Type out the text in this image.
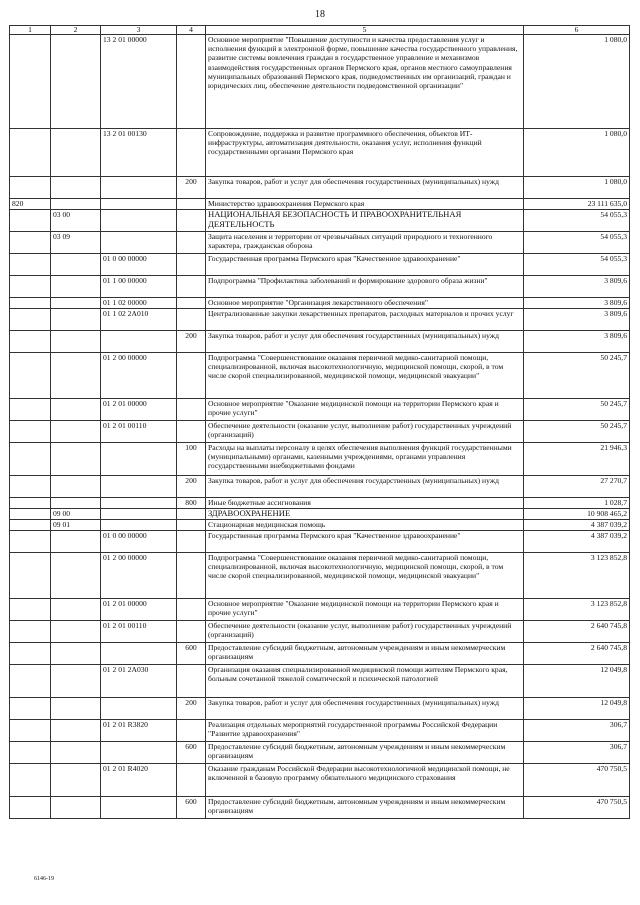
18
1	2	3	4	5	6
		13 2 01 00000		Основное мероприятие "Повышение доступности и качества предоставления услуг и исполнения функций в электронной форме, повышение качества государственного управления, развитие системы вовлечения граждан в государственное управление и механизмов взаимодействия государственных органов Пермского края, органов местного самоуправления муниципальных образований Пермского края, подведомственных им организаций, граждан и юридических лиц, обеспечение деятельности подведомственной организации"	1 080,0
		13 2 01 00130		Сопровождение, поддержка и развитие программного обеспечения, объектов ИТ-инфраструктуры, автоматизация деятельности, оказания услуг, исполнения функций государственными органами Пермского края	1 080,0
			200	Закупка товаров, работ и услуг для обеспечения государственных (муниципальных) нужд	1 080,0
820				Министерство здравоохранения Пермского края	23 111 635,0
	03 00			НАЦИОНАЛЬНАЯ БЕЗОПАСНОСТЬ И ПРАВООХРАНИТЕЛЬНАЯ ДЕЯТЕЛЬНОСТЬ	54 055,3
	03 09			Защита населения и территории от чрезвычайных ситуаций природного и техногенного характера, гражданская оборона	54 055,3
		01 0 00 00000		Государственная программа Пермского края "Качественное здравоохранение"	54 055,3
		01 1 00 00000		Подпрограмма "Профилактика заболеваний и формирование здорового образа жизни"	3 809,6
		01 1 02 00000		Основное мероприятие "Организация лекарственного обеспечения"	3 809,6
		01 1 02 2А010		Централизованные закупки лекарственных препаратов, расходных материалов и прочих услуг	3 809,6
			200	Закупка товаров, работ и услуг для обеспечения государственных (муниципальных) нужд	3 809,6
		01 2 00 00000		Подпрограмма "Совершенствование оказания первичной медико-санитарной помощи, специализированной, включая высокотехнологичную, медицинской помощи, скорой, в том числе скорой специализированной, медицинской помощи, медицинской эвакуации"	50 245,7
		01 2 01 00000		Основное мероприятие "Оказание медицинской помощи на территории Пермского края и прочие услуги"	50 245,7
		01 2 01 00110		Обеспечение деятельности (оказание услуг, выполнение работ) государственных учреждений (организаций)	50 245,7
			100	Расходы на выплаты персоналу в целях обеспечения выполнения функций государственными (муниципальными) органами, казенными учреждениями, органами управления государственными внебюджетными фондами	21 946,3
			200	Закупка товаров, работ и услуг для обеспечения государственных (муниципальных) нужд	27 270,7
			800	Иные бюджетные ассигнования	1 028,7
	09 00			ЗДРАВООХРАНЕНИЕ	10 908 465,2
	09 01			Стационарная медицинская помощь	4 387 039,2
		01 0 00 00000		Государственная программа Пермского края "Качественное здравоохранение"	4 387 039,2
		01 2 00 00000		Подпрограмма "Совершенствование оказания первичной медико-санитарной помощи, специализированной, включая высокотехнологичную, медицинской помощи, скорой, в том числе скорой специализированной, медицинской помощи, медицинской эвакуации"	3 123 852,8
		01 2 01 00000		Основное мероприятие "Оказание медицинской помощи на территории Пермского края и прочие услуги"	3 123 852,8
		01 2 01 00110		Обеспечение деятельности (оказание услуг, выполнение работ) государственных учреждений (организаций)	2 640 745,8
			600	Предоставление субсидий бюджетным, автономным учреждениям и иным некоммерческим организациям	2 640 745,8
		01 2 01 2А030		Организация оказания специализированной медицинской помощи жителям Пермского края, больным сочетанной тяжелой соматической и психической патологией	12 049,8
			200	Закупка товаров, работ и услуг для обеспечения государственных (муниципальных) нужд	12 049,8
		01 2 01 R3820		Реализация отдельных мероприятий государственной программы Российской Федерации "Развитие здравоохранения"	306,7
			600	Предоставление субсидий бюджетным, автономным учреждениям и иным некоммерческим организациям	306,7
		01 2 01 R4020		Оказание гражданам Российской Федерации высокотехнологичной медицинской помощи, не включенной в базовую программу обязательного медицинского страхования	470 750,5
			600	Предоставление субсидий бюджетным, автономным учреждениям и иным некоммерческим организациям	470 750,5
6146-19
